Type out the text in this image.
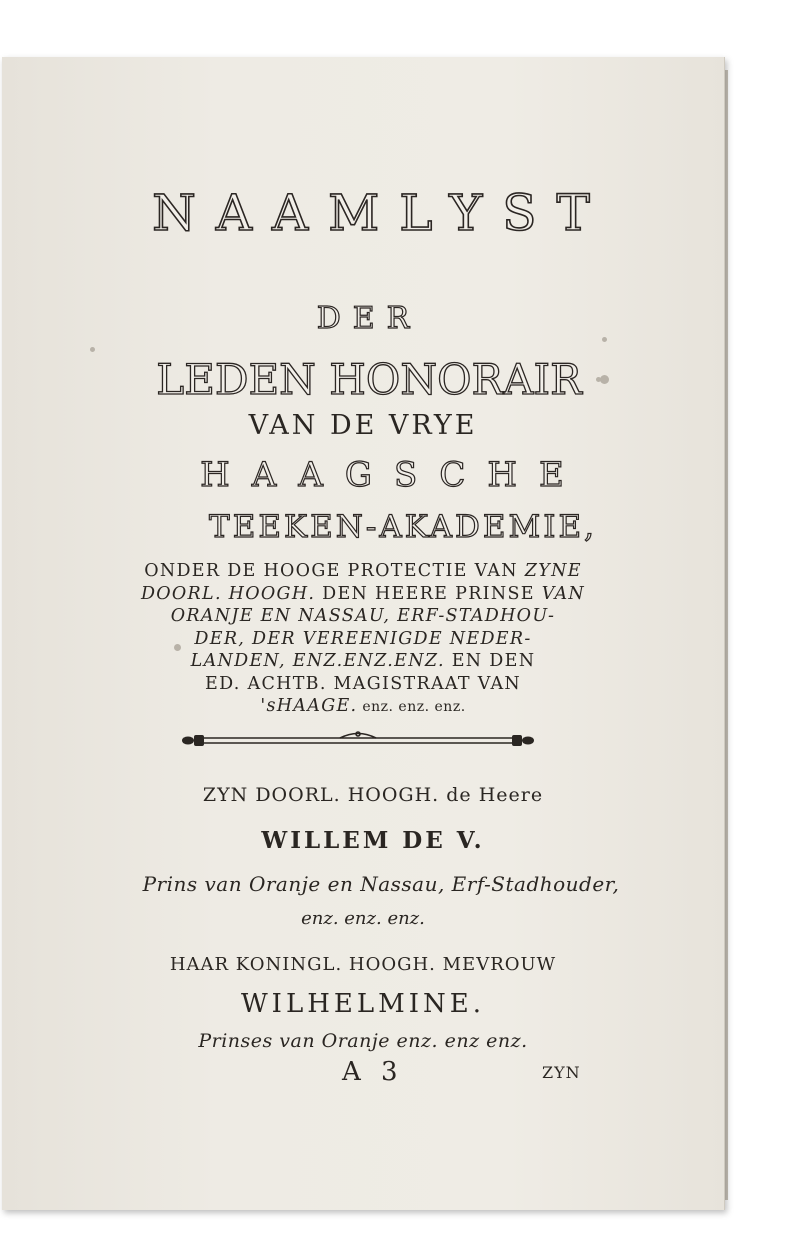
NAAMLYST
DER
LEDEN HONORAIR
VAN DE VRYE
HAAGSCHE
TEEKEN-AKADEMIE,
ONDER DE HOOGE PROTECTIE VAN ZYNE
DOORL. HOOGH. DEN HEERE PRINSE VAN
ORANJE EN NASSAU, ERF-STADHOU-
DER, DER VEREENIGDE NEDER-
LANDEN, ENZ.ENZ.ENZ. EN DEN
ED. ACHTB. MAGISTRAAT VAN
'sHAAGE. enz. enz. enz.
ZYN DOORL. HOOGH. de Heere
WILLEM DE V.
Prins van Oranje en Nassau, Erf-Stadhouder,
enz. enz. enz.
HAAR KONINGL. HOOGH. MEVROUW
WILHELMINE.
Prinses van Oranje enz. enz enz.
A 3	ZYN
